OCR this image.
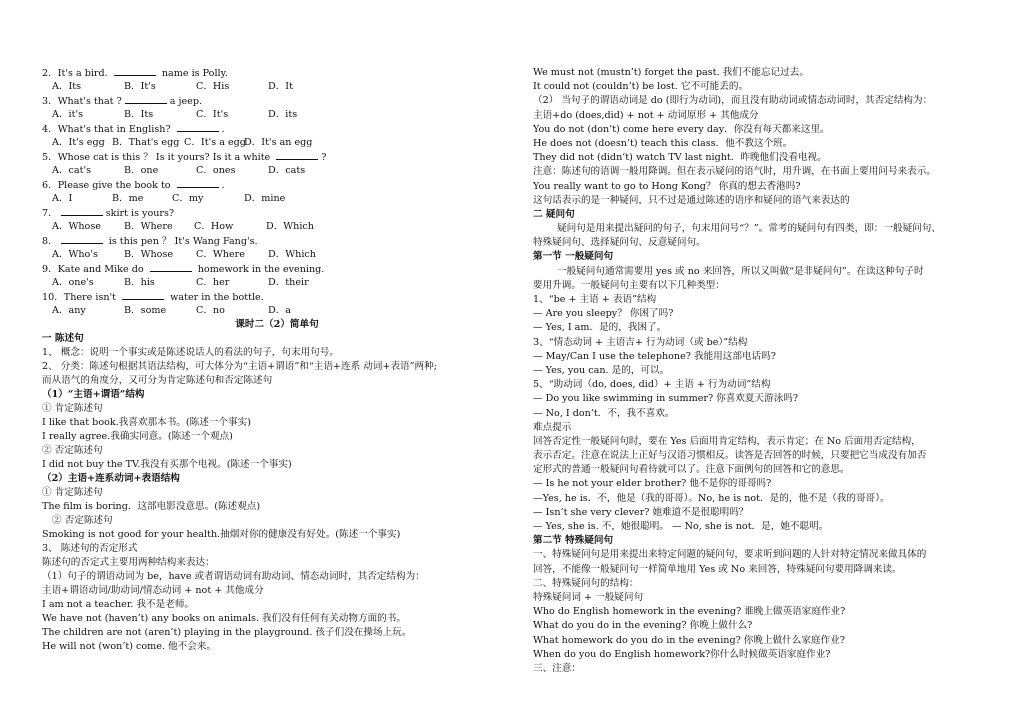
2．It's a bird.	name is Polly.
A．Its	B．It's	C．His	D．It
3．What's that ?	a jeep.
A．it's	B．Its	C．It's	D．its
4．What's that in English?	.
A．It's egg B．That's egg C．It's a eggD．It's an egg
5．Whose cat is this ？ Is it yours? Is it a white	?
A．cat's	B．one	C．ones	D．cats
6．Please give the book to	.
A．I	B．me	C．my	D．mine
7．	skirt is yours?
A．Whose B．Where C．How	D．Which
8．	is this pen ？ It's Wang Fang's.
A．Who's	B．Whose C．Where D．Which
9．Kate and Mike do	homework in the evening.
A．one's	B．his	C．her	D．their
10．There isn't	water in the bottle.
A．any	B．some	C．no	D．a
课时二（2）简单句
一 陈述句
1、 概念：说明一个事实或是陈述说话人的看法的句子，句末用句号。
2、 分类：陈述句根据其语法结构，可大体分为“主语+谓语”和“主语+连系 动词+表语”两种;
而从语气的角度分，又可分为肯定陈述句和否定陈述句
（1）“主语+谓语”结构
① 肯定陈述句
I like that book.我喜欢那本书。(陈述一个事实)
I really agree.我确实同意。(陈述一个观点)
② 否定陈述句
I did not buy the TV.我没有买那个电视。(陈述一个事实)
（2）主语+连系动词+表语结构
① 肯定陈述句
The film is boring．这部电影没意思。(陈述观点)
② 否定陈述句
Smoking is not good for your health.抽烟对你的健康没有好处。(陈述一个事实)
3、 陈述句的否定形式
陈述句的否定式主要用两种结构来表达：
（1）句子的谓语动词为 be，have 或者谓语动词有助动词、情态动词时，其否定结构为：
主语+谓语动词/助动词/情态动词 + not + 其他成分
I am not a teacher. 我不是老师。
We have not (haven’t) any books on animals. 我们没有任何有关动物方面的书。
The children are not (aren’t) playing in the playground. 孩子们没在操场上玩。
He will not (won’t) come. 他不会来。
We must not (mustn’t) forget the past. 我们不能忘记过去。
It could not (couldn’t) be lost. 它不可能丢的。
（2） 当句子的谓语动词是 do (即行为动词)，而且没有助动词或情态动词时，其否定结构为：
主语+do (does,did) + not + 动词原形 + 其他成分
You do not (don’t) come here every day．你没有每天都来这里。
He does not (doesn’t) teach this class．他不教这个班。
They did not (didn’t) watch TV last night．昨晚他们没看电视。
注意：陈述句的语调一般用降调。但在表示疑问的语气时，用升调，在书面上要用问号来表示。
You really want to go to Hong Kong？ 你真的想去香港吗?
这句话表示的是一种疑问，只不过是通过陈述的语序和疑问的语气来表达的
二 疑问句
疑问句是用来提出疑问的句子，句末用问号“？”。常考的疑问句有四类，即：一般疑问句、
特殊疑问句、选择疑问句、反意疑问句。
第一节 一般疑问句
一般疑问句通常需要用 yes 或 no 来回答，所以又叫做“是非疑问句”。在读这种句子时
要用升调。一般疑问句主要有以下几种类型：
1、“be + 主语 + 表语”结构
— Are you sleepy？ 你困了吗?
— Yes, I am．是的，我困了。
3、“情态动词 + 主语吉+ 行为动词（或 be）”结构
— May/Can I use the telephone? 我能用这部电话吗?
— Yes, you can. 是的，可以。
5、“助动词（do, does, did）+ 主语 + 行为动词”结构
— Do you like swimming in summer? 你喜欢夏天游泳吗?
— No, I don’t．不，我不喜欢。
难点提示
回答否定性一般疑问句时，要在 Yes 后面用肯定结构，表示肯定；在 No 后面用否定结构，
表示否定。注意在说法上正好与汉语习惯相反。读答是否回答的时候，只要把它当成没有加否
定形式的普通一般疑问句看待就可以了。注意下面例句的回答和它的意思。
— Is he not your elder brother? 他不是你的哥哥吗?
—Yes, he is．不，他是（我的哥哥）。No, he is not．是的，他不是（我的哥哥）。
— Isn’t she very clever? 她难道不是很聪明吗？
— Yes, she is. 不，她很聪明。 — No, she is not．是，她不聪明。
第二节 特殊疑问句
一、特殊疑问句是用来提出来特定问题的疑问句，要求听到问题的人针对特定情况来做具体的
回答，不能像一般疑问句一样简单地用 Yes 或 No 来回答，特殊疑问句要用降调来读。
二、特殊疑问句的结构：
特殊疑问词 + 一般疑问句
Who do English homework in the evening? 谁晚上做英语家庭作业?
What do you do in the evening? 你晚上做什么?
What homework do you do in the evening? 你晚上做什么家庭作业?
When do you do English homework?你什么时候做英语家庭作业?
三、注意：
